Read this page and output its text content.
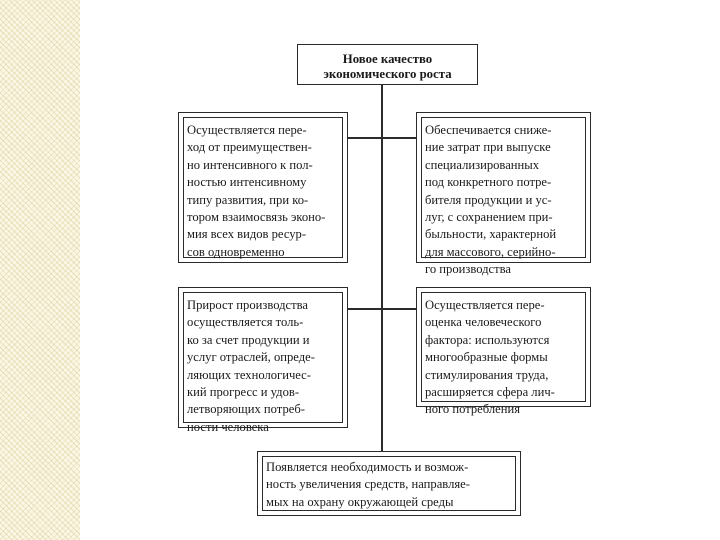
Новое качество
экономического роста
Осуществляется пере-
ход от преимуществен-
но интенсивного к пол-
ностью интенсивному
типу развития, при ко-
тором взаимосвязь эконо-
мия всех видов ресур-
сов одновременно
Обеспечивается сниже-
ние затрат при выпуске
специализированных
под конкретного потре-
бителя продукции и ус-
луг, с сохранением при-
быльности, характерной
для массового, серийно-
го производства
Прирост производства
осуществляется толь-
ко за счет продукции и
услуг отраслей, опреде-
ляющих технологичес-
кий прогресс и удов-
летворяющих потреб-
ности человека
Осуществляется пере-
оценка человеческого
фактора: используются
многообразные формы
стимулирования труда,
расширяется сфера лич-
ного потребления
Появляется необходимость и возмож-
ность увеличения средств, направляе-
мых на охрану окружающей среды
